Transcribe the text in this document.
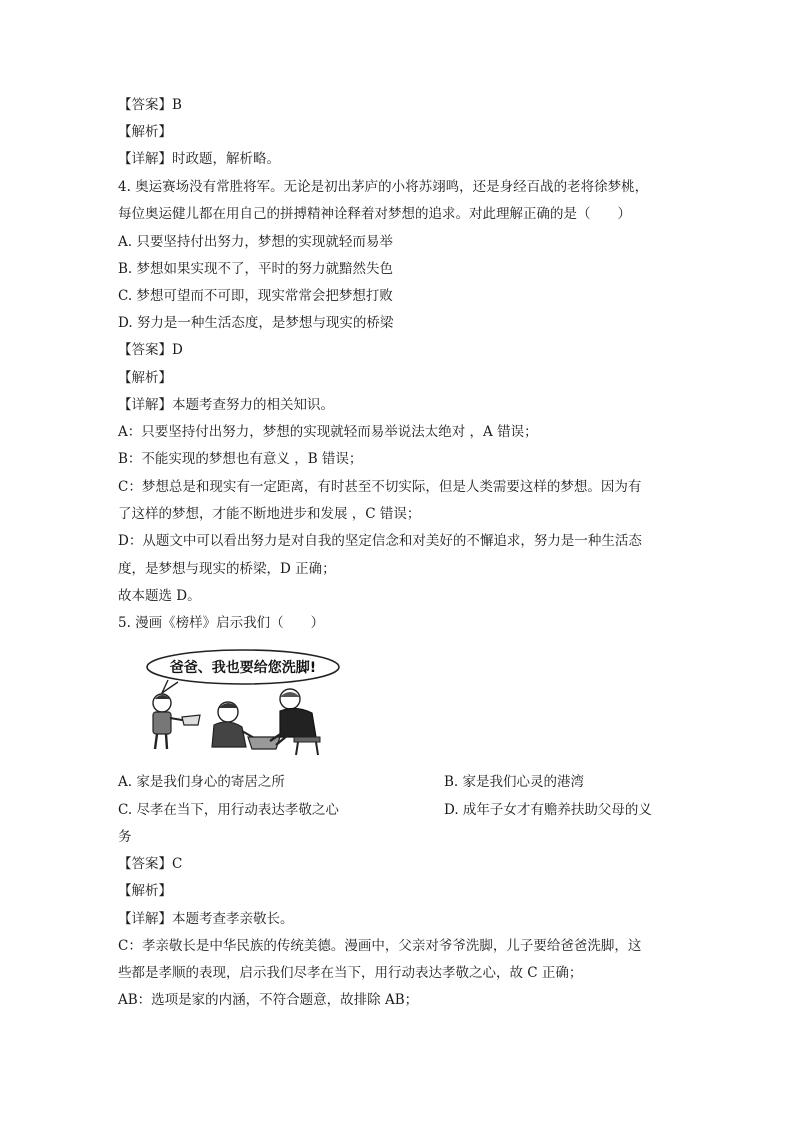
【答案】B
【解析】
【详解】时政题，解析略。
4. 奥运赛场没有常胜将军。无论是初出茅庐的小将苏翊鸣，还是身经百战的老将徐梦桃，
每位奥运健儿都在用自己的拼搏精神诠释着对梦想的追求。对此理解正确的是（　　）
A. 只要坚持付出努力，梦想的实现就轻而易举
B. 梦想如果实现不了，平时的努力就黯然失色
C. 梦想可望而不可即，现实常常会把梦想打败
D. 努力是一种生活态度，是梦想与现实的桥梁
【答案】D
【解析】
【详解】本题考查努力的相关知识。
A：只要坚持付出努力，梦想的实现就轻而易举说法太绝对 ，A 错误；
B：不能实现的梦想也有意义 ，B 错误；
C：梦想总是和现实有一定距离，有时甚至不切实际，但是人类需要这样的梦想。因为有
了这样的梦想，才能不断地进步和发展 ，C 错误；
D：从题文中可以看出努力是对自我的坚定信念和对美好的不懈追求，努力是一种生活态
度，是梦想与现实的桥梁，D 正确；
故本题选 D。
5. 漫画《榜样》启示我们（　　）
爸爸、我也要给您洗脚!
A. 家是我们身心的寄居之所	B. 家是我们心灵的港湾
C. 尽孝在当下，用行动表达孝敬之心	D. 成年子女才有赡养扶助父母的义
务
【答案】C
【解析】
【详解】本题考查孝亲敬长。
C：孝亲敬长是中华民族的传统美德。漫画中，父亲对爷爷洗脚，儿子要给爸爸洗脚，这
些都是孝顺的表现，启示我们尽孝在当下，用行动表达孝敬之心，故 C 正确；
AB：选项是家的内涵，不符合题意，故排除 AB；
